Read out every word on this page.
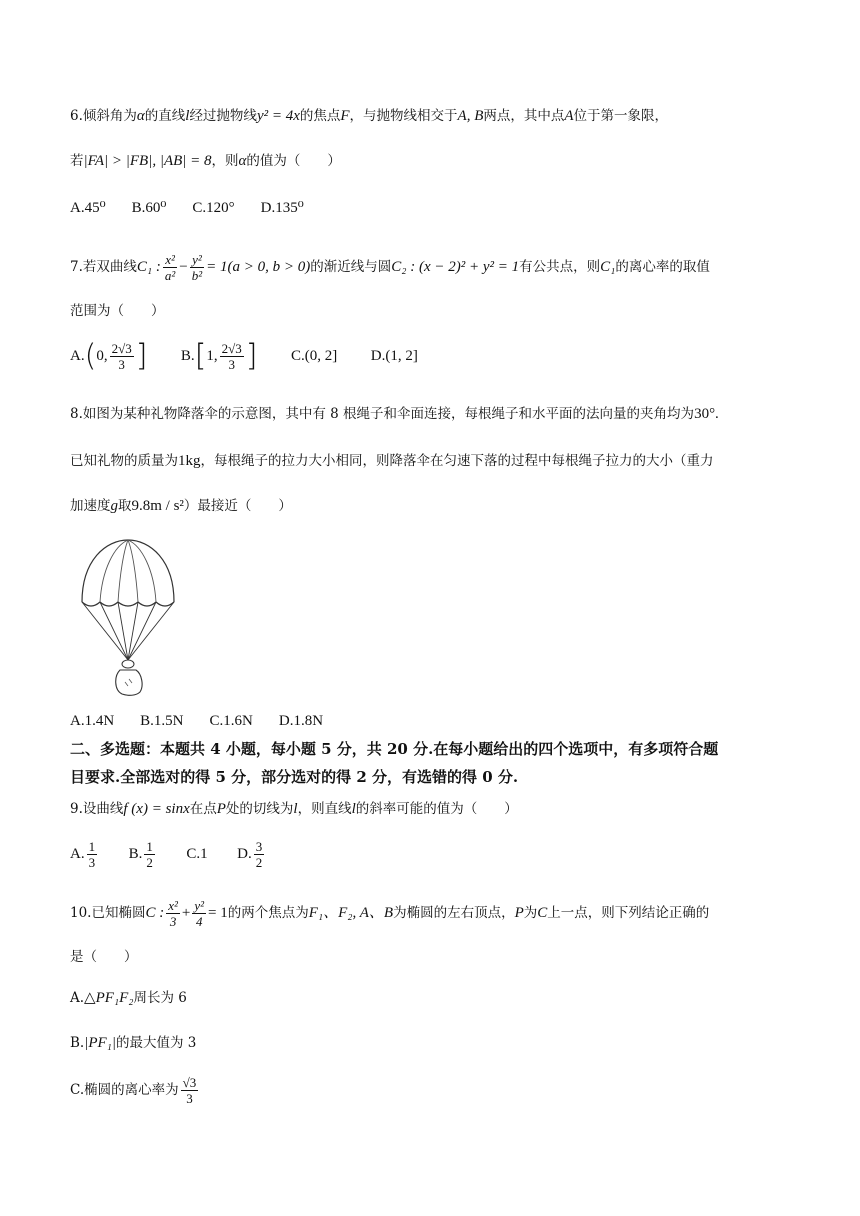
6.倾斜角为α的直线l经过抛物线y² = 4x的焦点F，与抛物线相交于A, B两点，其中点A位于第一象限，
若|FA| > |FB|, |AB| = 8，则α的值为（　　）
A.45⁰ B.60⁰ C.120° D.135⁰
7.若双曲线C₁ : $\frac{\text{x²}}{\text{a²}} - \frac{\text{y²}}{\text{b²}} = 1(a > 0$, b > 0)的渐近线与圆C₂ : (x − 2)² + y² = 1有公共点，则C₁的离心率的取值
范围为（　　）
A.(0, $\frac{2√3}{3}$ ] B.[1, $\frac{2√3}{3}$ ] C.(0, 2] D.(1, 2]
8.如图为某种礼物降落伞的示意图，其中有 8 根绳子和伞面连接，每根绳子和水平面的法向量的夹角均为30°.
已知礼物的质量为1kg，每根绳子的拉力大小相同，则降落伞在匀速下落的过程中每根绳子拉力的大小（重力
加速度g取9.8m / s²）最接近（　　）
A.1.4N B.1.5N C.1.6N D.1.8N
二、多选题：本题共 4 小题，每小题 5 分，共 20 分.在每小题给出的四个选项中，有多项符合题
目要求.全部选对的得 5 分，部分选对的得 2 分，有选错的得 0 分.
9.设曲线f (x) = sinx在点P处的切线为l，则直线l的斜率可能的值为（　　）
A. $\frac{1}{3} B$. $\frac{1}{2} C.1$ D. $\frac{3}{2}$
10.已知椭圆C : $\frac{\text{x²}}{3} + \frac{\text{y²}}{4} = 1$的两个焦点为F₁、F₂, A、B为椭圆的左右顶点，P为C上一点，则下列结论正确的
是（　　）
A.△PF₁F₂周长为 6
B.|PF₁|的最大值为 3
C.椭圆的离心率为 $\frac{√3}{3}$
